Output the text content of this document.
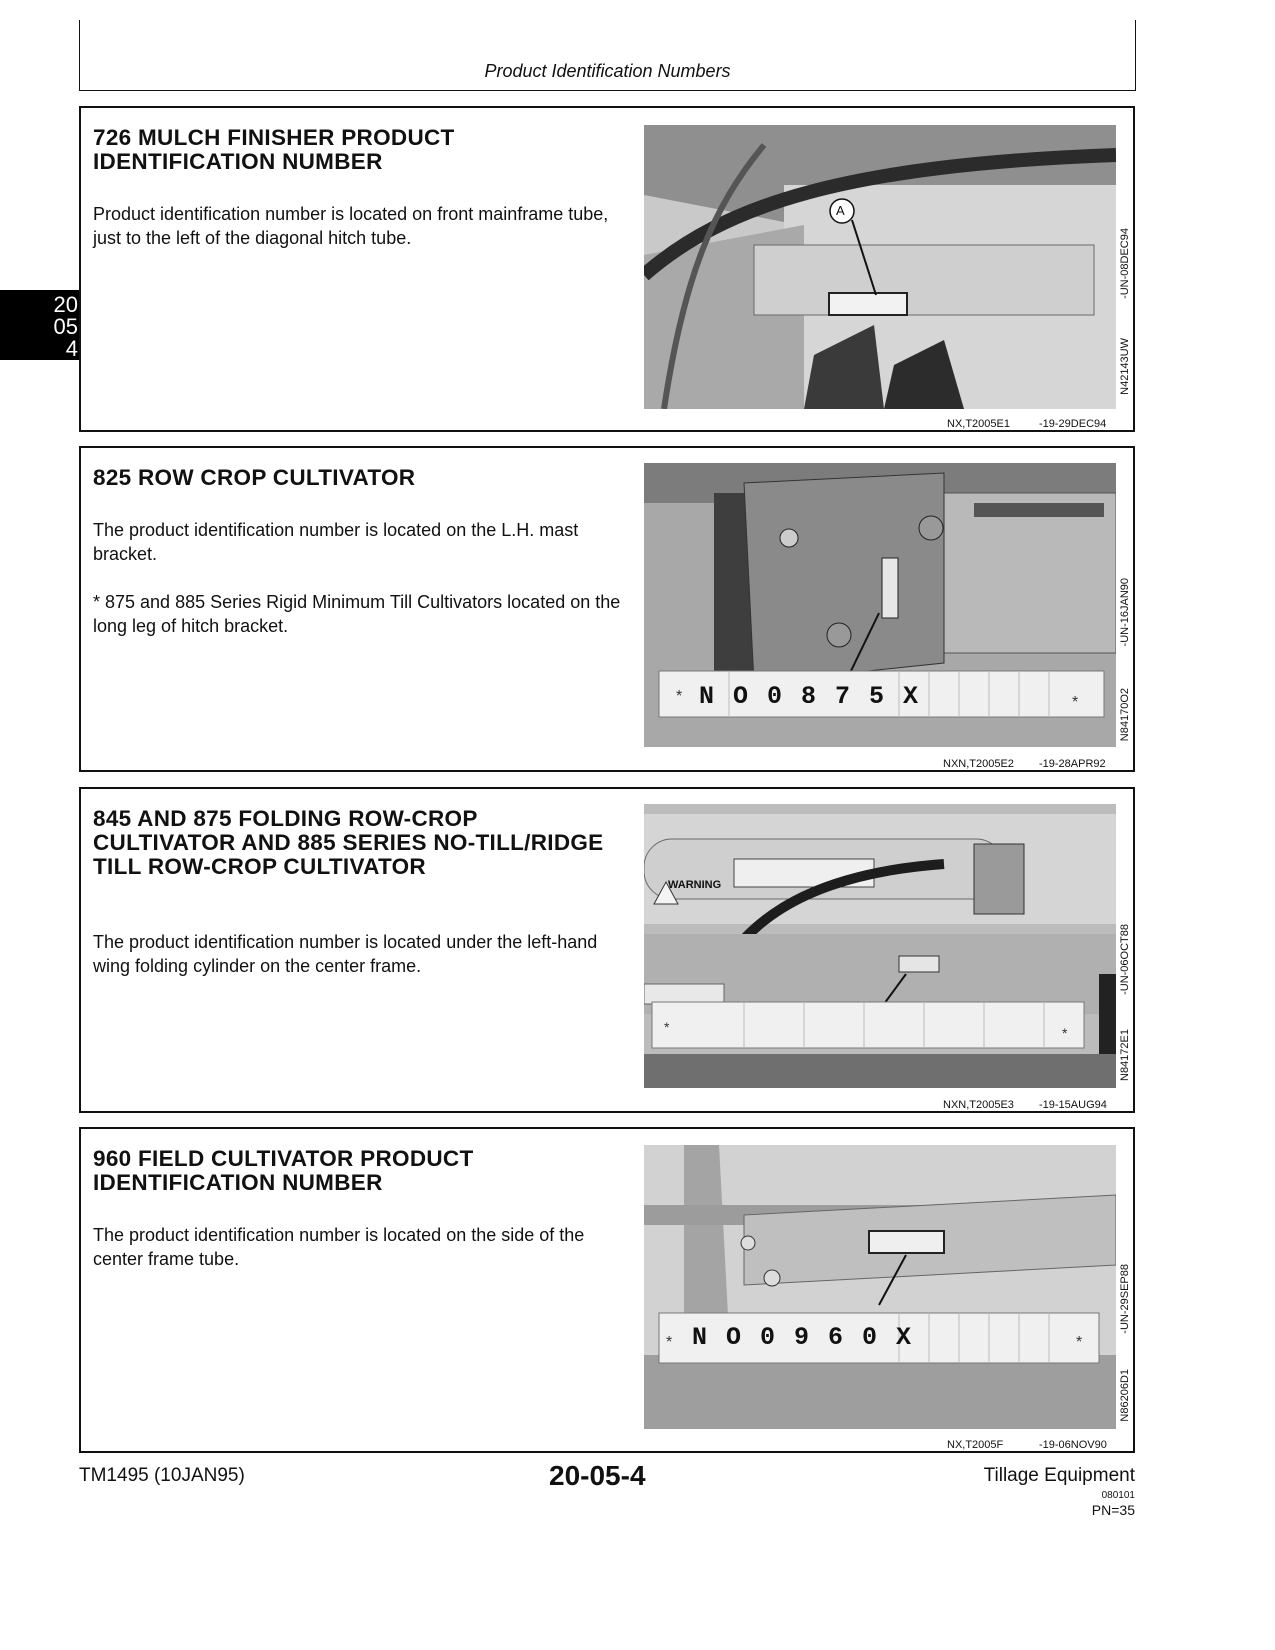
Product Identification Numbers
20
05
4
726 MULCH FINISHER PRODUCT IDENTIFICATION NUMBER

Product identification number is located on front mainframe tube, just to the left of the diagonal hitch tube.

A
-UN-08DEC94
N42143UW
NX,T2005E1	-19-29DEC94
825 ROW CROP CULTIVATOR

The product identification number is located on the L.H. mast bracket.

* 875 and 885 Series Rigid Minimum Till Cultivators located on the long leg of hitch bracket.

*	*
N O 0 8 7 5 X
-UN-16JAN90
N84170O2
NXN,T2005E2 -19-28APR92
845 AND 875 FOLDING ROW-CROP CULTIVATOR AND 885 SERIES NO-TILL/RIDGE TILL ROW-CROP CULTIVATOR

The product identification number is located under the left-hand wing folding cylinder on the center frame.

*	*
WARNING
-UN-06OCT88
N84172E1
NXN,T2005E3 -19-15AUG94
960 FIELD CULTIVATOR PRODUCT IDENTIFICATION NUMBER

The product identification number is located on the side of the center frame tube.

*	*
N O 0 9 6 0 X
-UN-29SEP88
N86206D1
NX,T2005F	-19-06NOV90
TM1495 (10JAN95)	20-05-4	Tillage Equipment
080101
PN=35
